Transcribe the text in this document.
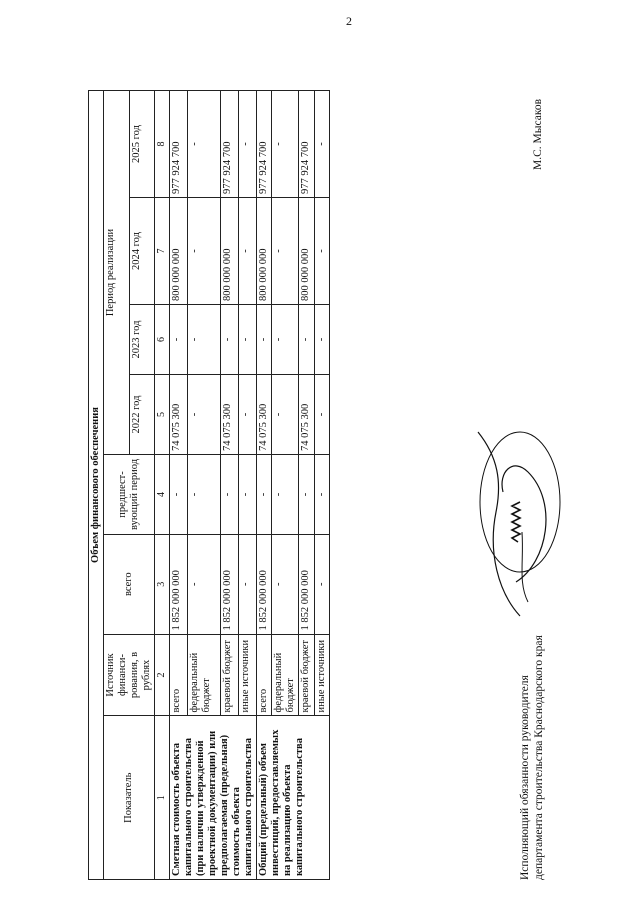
2
Объем финансового обеспечения							
Показатель	Источник финанси-рования, в рублях	всего	предшест-вующий период	Период реализации			
				2022 год	2023 год	2024 год	2025 год
1	2	3	4	5	6	7	8
Сметная стоимость объекта капитального строительства (при наличии утвержденной проектной документации) или предполагаемая (предельная) стоимость объекта капитального строительства	всего	1 852 000 000	-	74 075 300	-	800 000 000	977 924 700
	федеральный бюджет	-	-	-	-	-	-
	краевой бюджет	1 852 000 000	-	74 075 300	-	800 000 000	977 924 700
	иные источники	-	-	-	-	-	-
Общий (предельный) объем инвестиций, предоставляемых на реализацию объекта капитального строительства	всего	1 852 000 000	-	74 075 300	-	800 000 000	977 924 700
	федеральный бюджет	-	-	-	-	-	-
	краевой бюджет	1 852 000 000	-	74 075 300	-	800 000 000	977 924 700
	иные источники	-	-	-	-	-	-
Исполняющий обязанности руководителя департамента строительства Краснодарского края
М.С. Мысаков
